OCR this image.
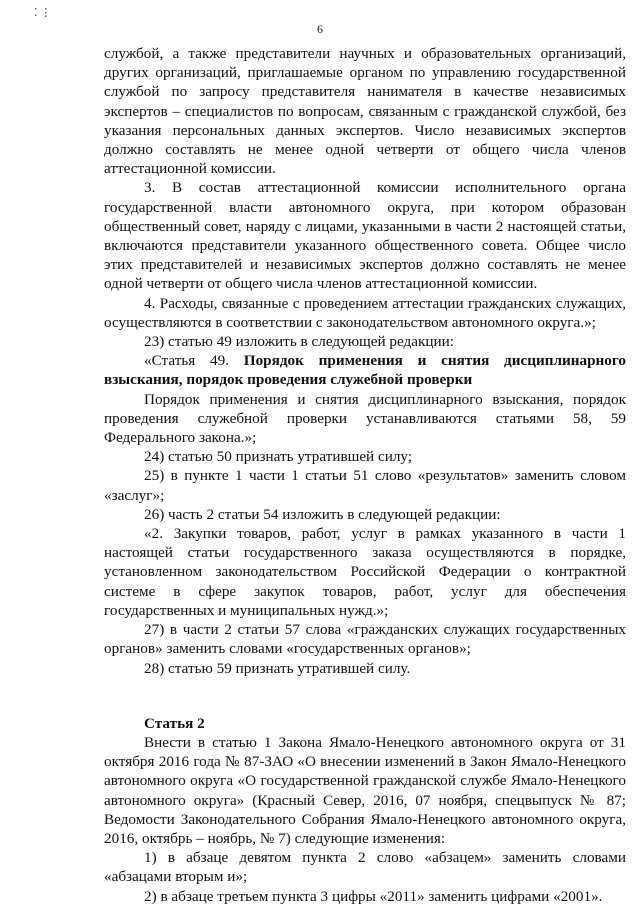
⁚ ⋮
6

службой, а также представители научных и образовательных организаций, других организаций, приглашаемые органом по управлению государственной службой по запросу представителя нанимателя в качестве независимых экспертов – специалистов по вопросам, связанным с гражданской службой, без указания персональных данных экспертов. Число независимых экспертов должно составлять не менее одной четверти от общего числа членов аттестационной комиссии.

3. В состав аттестационной комиссии исполнительного органа государственной власти автономного округа, при котором образован общественный совет, наряду с лицами, указанными в части 2 настоящей статьи, включаются представители указанного общественного совета. Общее число этих представителей и независимых экспертов должно составлять не менее одной четверти от общего числа членов аттестационной комиссии.

4. Расходы, связанные с проведением аттестации гражданских служащих, осуществляются в соответствии с законодательством автономного округа.»;

23) статью 49 изложить в следующей редакции:

«Статья 49. Порядок применения и снятия дисциплинарного взыскания, порядок проведения служебной проверки

Порядок применения и снятия дисциплинарного взыскания, порядок проведения служебной проверки устанавливаются статьями 58, 59 Федерального закона.»;

24) статью 50 признать утратившей силу;

25) в пункте 1 части 1 статьи 51 слово «результатов» заменить словом «заслуг»;

26) часть 2 статьи 54 изложить в следующей редакции:

«2. Закупки товаров, работ, услуг в рамках указанного в части 1 настоящей статьи государственного заказа осуществляются в порядке, установленном законодательством Российской Федерации о контрактной системе в сфере закупок товаров, работ, услуг для обеспечения государственных и муниципальных нужд.»;

27) в части 2 статьи 57 слова «гражданских служащих государственных органов» заменить словами «государственных органов»;

28) статью 59 признать утратившей силу.

Статья 2

Внести в статью 1 Закона Ямало-Ненецкого автономного округа от 31 октября 2016 года № 87-ЗАО «О внесении изменений в Закон Ямало-Ненецкого автономного округа «О государственной гражданской службе Ямало-Ненецкого автономного округа» (Красный Север, 2016, 07 ноября, спецвыпуск № 87; Ведомости Законодательного Собрания Ямало-Ненецкого автономного округа, 2016, октябрь – ноябрь, № 7) следующие изменения:

1) в абзаце девятом пункта 2 слово «абзацем» заменить словами «абзацами вторым и»;

2) в абзаце третьем пункта 3 цифры «2011» заменить цифрами «2001».
